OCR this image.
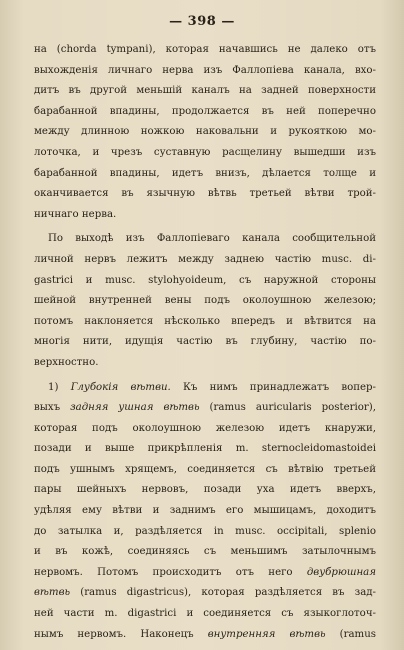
— 398 —
на (chorda tympani), которая начавшись не далеко отъ
выхожденія личнаго нерва изъ Фаллопіева канала, вхо-
дитъ въ другой меньшій каналъ на задней поверхности
барабанной впадины, продолжается въ ней поперечно
между длинною ножкою наковальни и рукояткою мо-
лоточка, и чрезъ суставную расщелину вышедши изъ
барабанной впадины, идетъ внизъ, дѣлается толще и
оканчивается въ язычную вѣтвь третьей вѣтви трой-
ничнаго нерва.
По выходѣ изъ Фаллопіеваго канала сообщительной
личной нервъ лежитъ между заднею частію musc. di-
gastrici и musc. stylohyoideum, съ наружной стороны
шейной внутренней вены подъ околоушною железою;
потомъ наклоняется нѣсколько впередъ и вѣтвится на
многія нити, идущія частію въ глубину, частію по-
верхностно.
1) Глубокія вѣтви. Къ нимъ принадлежатъ вопер-
выхъ задняя ушная вѣтвь (ramus auricularis posterior),
которая подъ околоушною железою идетъ кнаружи,
позади и выше прикрѣпленія m. sternocleidomastoidei
подъ ушнымъ хрящемъ, соединяется съ вѣтвію третьей
пары шейныхъ нервовъ, позади уха идетъ вверхъ,
удѣляя ему вѣтви и заднимъ его мышицамъ, доходитъ
до затылка и, раздѣляется in musc. occipitali, splenio
и въ кожѣ, соединяясь съ меньшимъ затылочнымъ
нервомъ. Потомъ происходитъ отъ него двубрюшная
вѣтвь (ramus digastricus), которая раздѣляется въ зад-
ней части m. digastrici и соединяется съ языкоглоточ-
нымъ нервомъ. Наконецъ внутренняя вѣтвь (ramus
